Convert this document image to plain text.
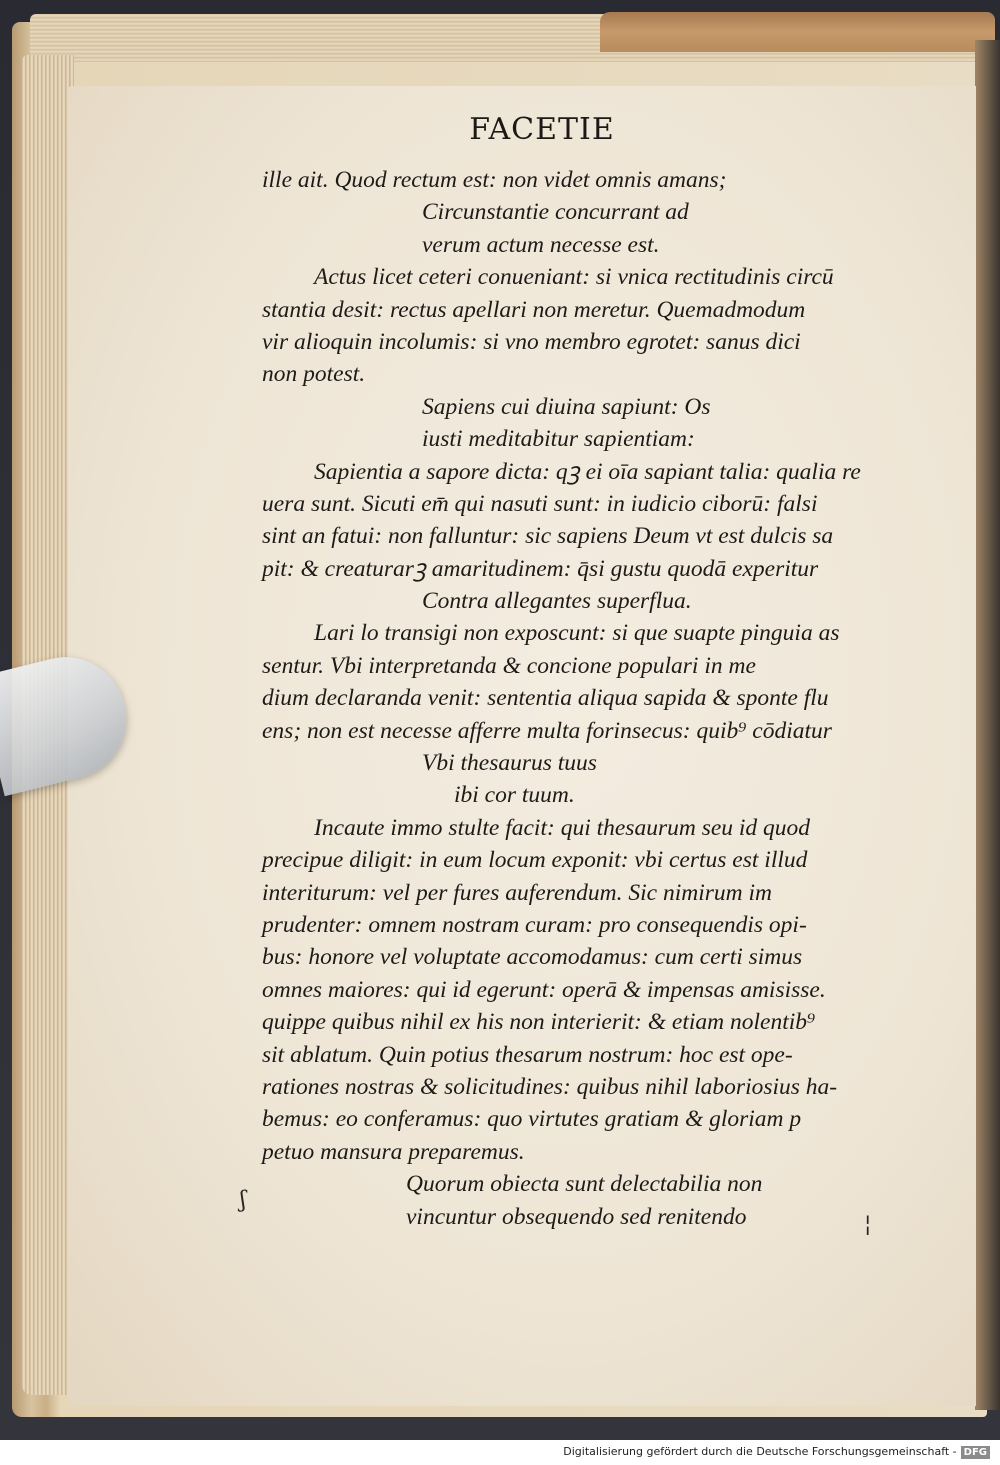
FACETIE
ille ait. Quod rectum est: non videt omnis amans;
Circunstantie concurrant ad
verum actum necesse est.
Actus licet ceteri conueniant: si vnica rectitudinis circū
stantia desit: rectus apellari non meretur. Quemadmodum
vir alioquin incolumis: si vno membro egrotet: sanus dici
non potest.
Sapiens cui diuina sapiunt: Os
iusti meditabitur sapientiam:
Sapientia a sapore dicta: qꝫ ei oīa sapiant talia: qualia re
uera sunt. Sicuti em̄ qui nasuti sunt: in iudicio ciborū: falsi
sint an fatui: non falluntur: sic sapiens Deum vt est dulcis sa
pit: & creaturarꝫ amaritudinem: q̄si gustu quodā experitur
Contra allegantes superflua.
Lari lo transigi non exposcunt: si que suapte pinguia as
sentur. Vbi interpretanda & concione populari in me
dium declaranda venit: sententia aliqua sapida & sponte flu
ens; non est necesse afferre multa forinsecus: quib⁹ cōdiatur
Vbi thesaurus tuus
ibi cor tuum.
Incaute immo stulte facit: qui thesaurum seu id quod
precipue diligit: in eum locum exponit: vbi certus est illud
interiturum: vel per fures auferendum. Sic nimirum im
prudenter: omnem nostram curam: pro consequendis opi-
bus: honore vel voluptate accomodamus: cum certi simus
omnes maiores: qui id egerunt: operā & impensas amisisse.
quippe quibus nihil ex his non interierit: & etiam nolentib⁹
sit ablatum. Quin potius thesarum nostrum: hoc est ope-
rationes nostras & solicitudines: quibus nihil laboriosius ha-
bemus: eo conferamus: quo virtutes gratiam & gloriam p
petuo mansura preparemus.
Quorum obiecta sunt delectabilia non
vincuntur obsequendo sed renitendo
ʃ
¦
Digitalisierung gefördert durch die Deutsche Forschungsgemeinschaft - DFG
